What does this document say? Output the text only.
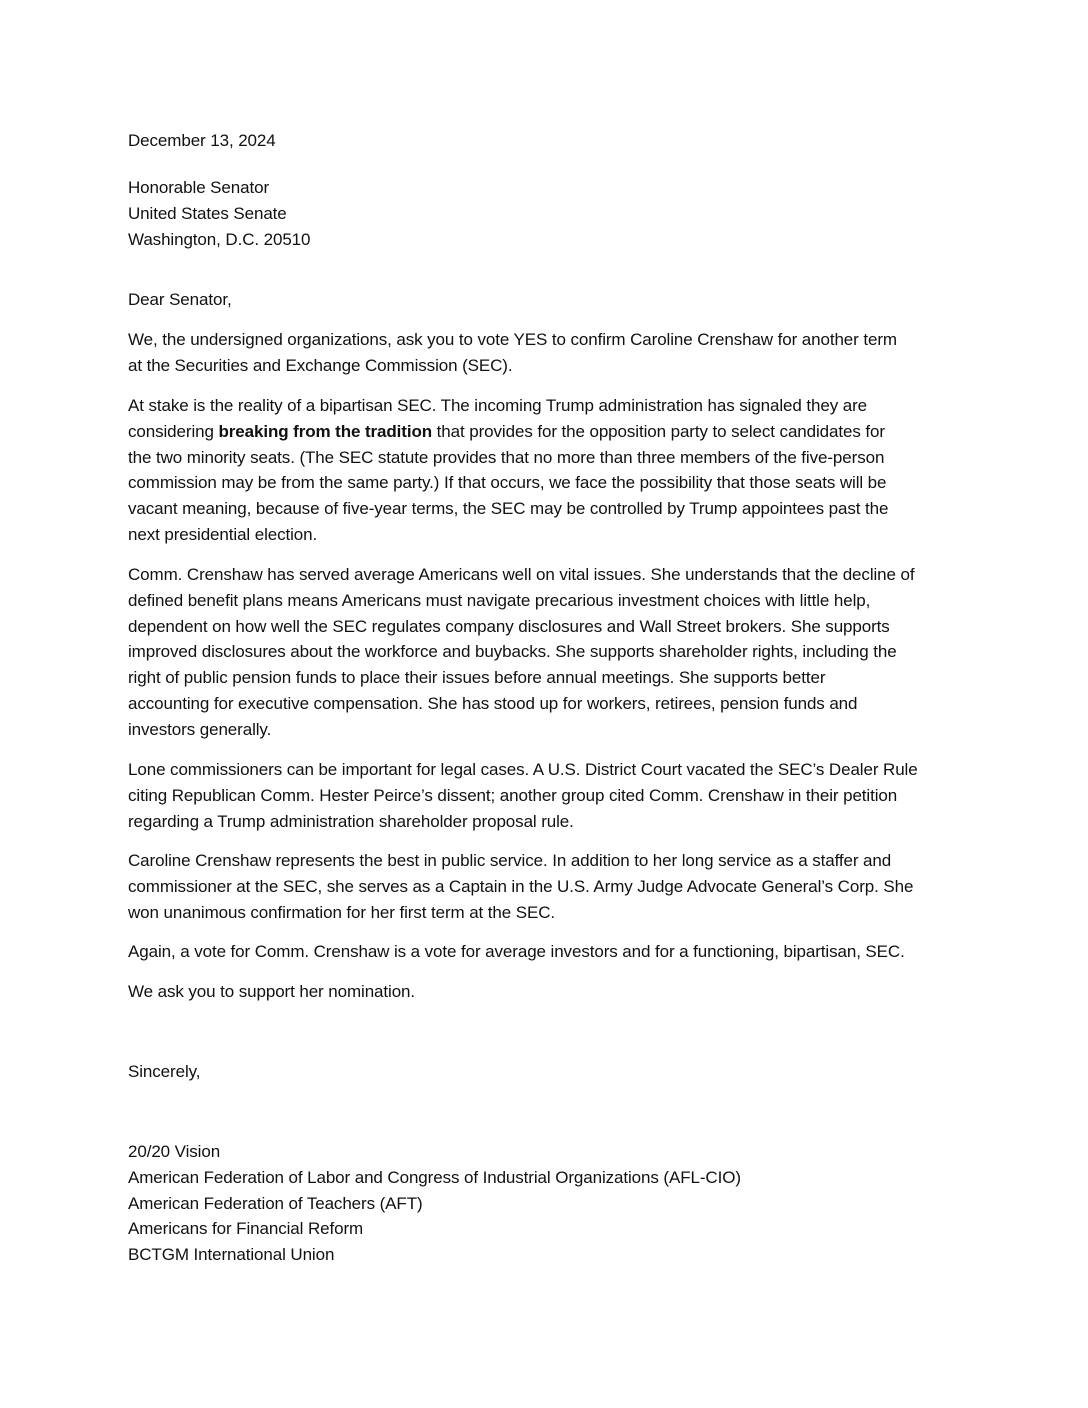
December 13, 2024
Honorable Senator
United States Senate
Washington, D.C. 20510
Dear Senator,
We, the undersigned organizations, ask you to vote YES to confirm Caroline Crenshaw for another term
at the Securities and Exchange Commission (SEC).
At stake is the reality of a bipartisan SEC. The incoming Trump administration has signaled they are
considering breaking from the tradition that provides for the opposition party to select candidates for
the two minority seats. (The SEC statute provides that no more than three members of the five-person
commission may be from the same party.) If that occurs, we face the possibility that those seats will be
vacant meaning, because of five-year terms, the SEC may be controlled by Trump appointees past the
next presidential election.
Comm. Crenshaw has served average Americans well on vital issues. She understands that the decline of
defined benefit plans means Americans must navigate precarious investment choices with little help,
dependent on how well the SEC regulates company disclosures and Wall Street brokers. She supports
improved disclosures about the workforce and buybacks. She supports shareholder rights, including the
right of public pension funds to place their issues before annual meetings. She supports better
accounting for executive compensation. She has stood up for workers, retirees, pension funds and
investors generally.
Lone commissioners can be important for legal cases. A U.S. District Court vacated the SEC’s Dealer Rule
citing Republican Comm. Hester Peirce’s dissent; another group cited Comm. Crenshaw in their petition
regarding a Trump administration shareholder proposal rule.
Caroline Crenshaw represents the best in public service. In addition to her long service as a staffer and
commissioner at the SEC, she serves as a Captain in the U.S. Army Judge Advocate General’s Corp. She
won unanimous confirmation for her first term at the SEC.
Again, a vote for Comm. Crenshaw is a vote for average investors and for a functioning, bipartisan, SEC.
We ask you to support her nomination.
Sincerely,
20/20 Vision
American Federation of Labor and Congress of Industrial Organizations (AFL-CIO)
American Federation of Teachers (AFT)
Americans for Financial Reform
BCTGM International Union
